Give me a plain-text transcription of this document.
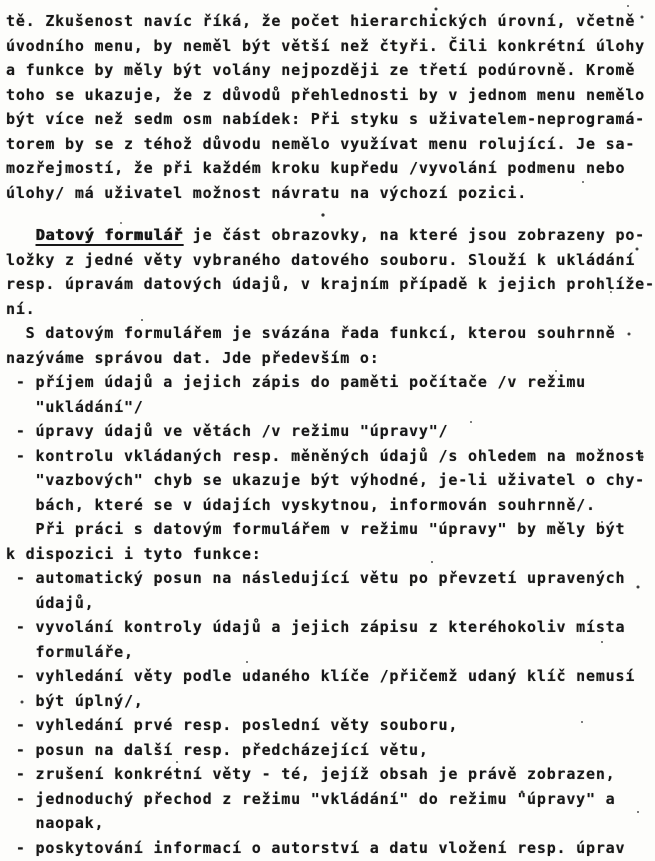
tě. Zkušenost navíc říká, že počet hierarchických úrovní, včetně
úvodního menu, by neměl být větší než čtyři. Čili konkrétní úlohy
a funkce by měly být volány nejpozději ze třetí podúrovně. Kromě
toho se ukazuje, že z důvodů přehlednosti by v jednom menu nemělo
být více než sedm osm nabídek: Při styku s uživatelem-neprogramá-
torem by se z téhož důvodu nemělo využívat menu rolující. Je sa-
mozřejmostí, že při každém kroku kupředu /vyvolání podmenu nebo
úlohy/ má uživatel možnost návratu na výchozí pozici.
Datový formulář je část obrazovky, na které jsou zobrazeny po-
ložky z jedné věty vybraného datového souboru. Slouží k ukládání
resp. úpravám datových údajů, v krajním případě k jejich prohlíže-
ní.
S datovým formulářem je svázána řada funkcí, kterou souhrnně
nazýváme správou dat. Jde především o:
- příjem údajů a jejich zápis do paměti počítače /v režimu
"ukládání"/
- úpravy údajů ve větách /v režimu "úpravy"/
- kontrolu vkládaných resp. měněných údajů /s ohledem na možnost
"vazbových" chyb se ukazuje být výhodné, je-li uživatel o chy-
bách, které se v údajích vyskytnou, informován souhrnně/.
Při práci s datovým formulářem v režimu "úpravy" by měly být
k dispozici i tyto funkce:
- automatický posun na následující větu po převzetí upravených
údajů,
- vyvolání kontroly údajů a jejich zápisu z kteréhokoliv místa
formuláře,
- vyhledání věty podle udaného klíče /přičemž udaný klíč nemusí
být úplný/,
- vyhledání prvé resp. poslední věty souboru,
- posun na další resp. předcházející větu,
- zrušení konkrétní věty - té, jejíž obsah je právě zobrazen,
- jednoduchý přechod z režimu "vkládání" do režimu "úpravy" a
naopak,
- poskytování informací o autorství a datu vložení resp. úprav
